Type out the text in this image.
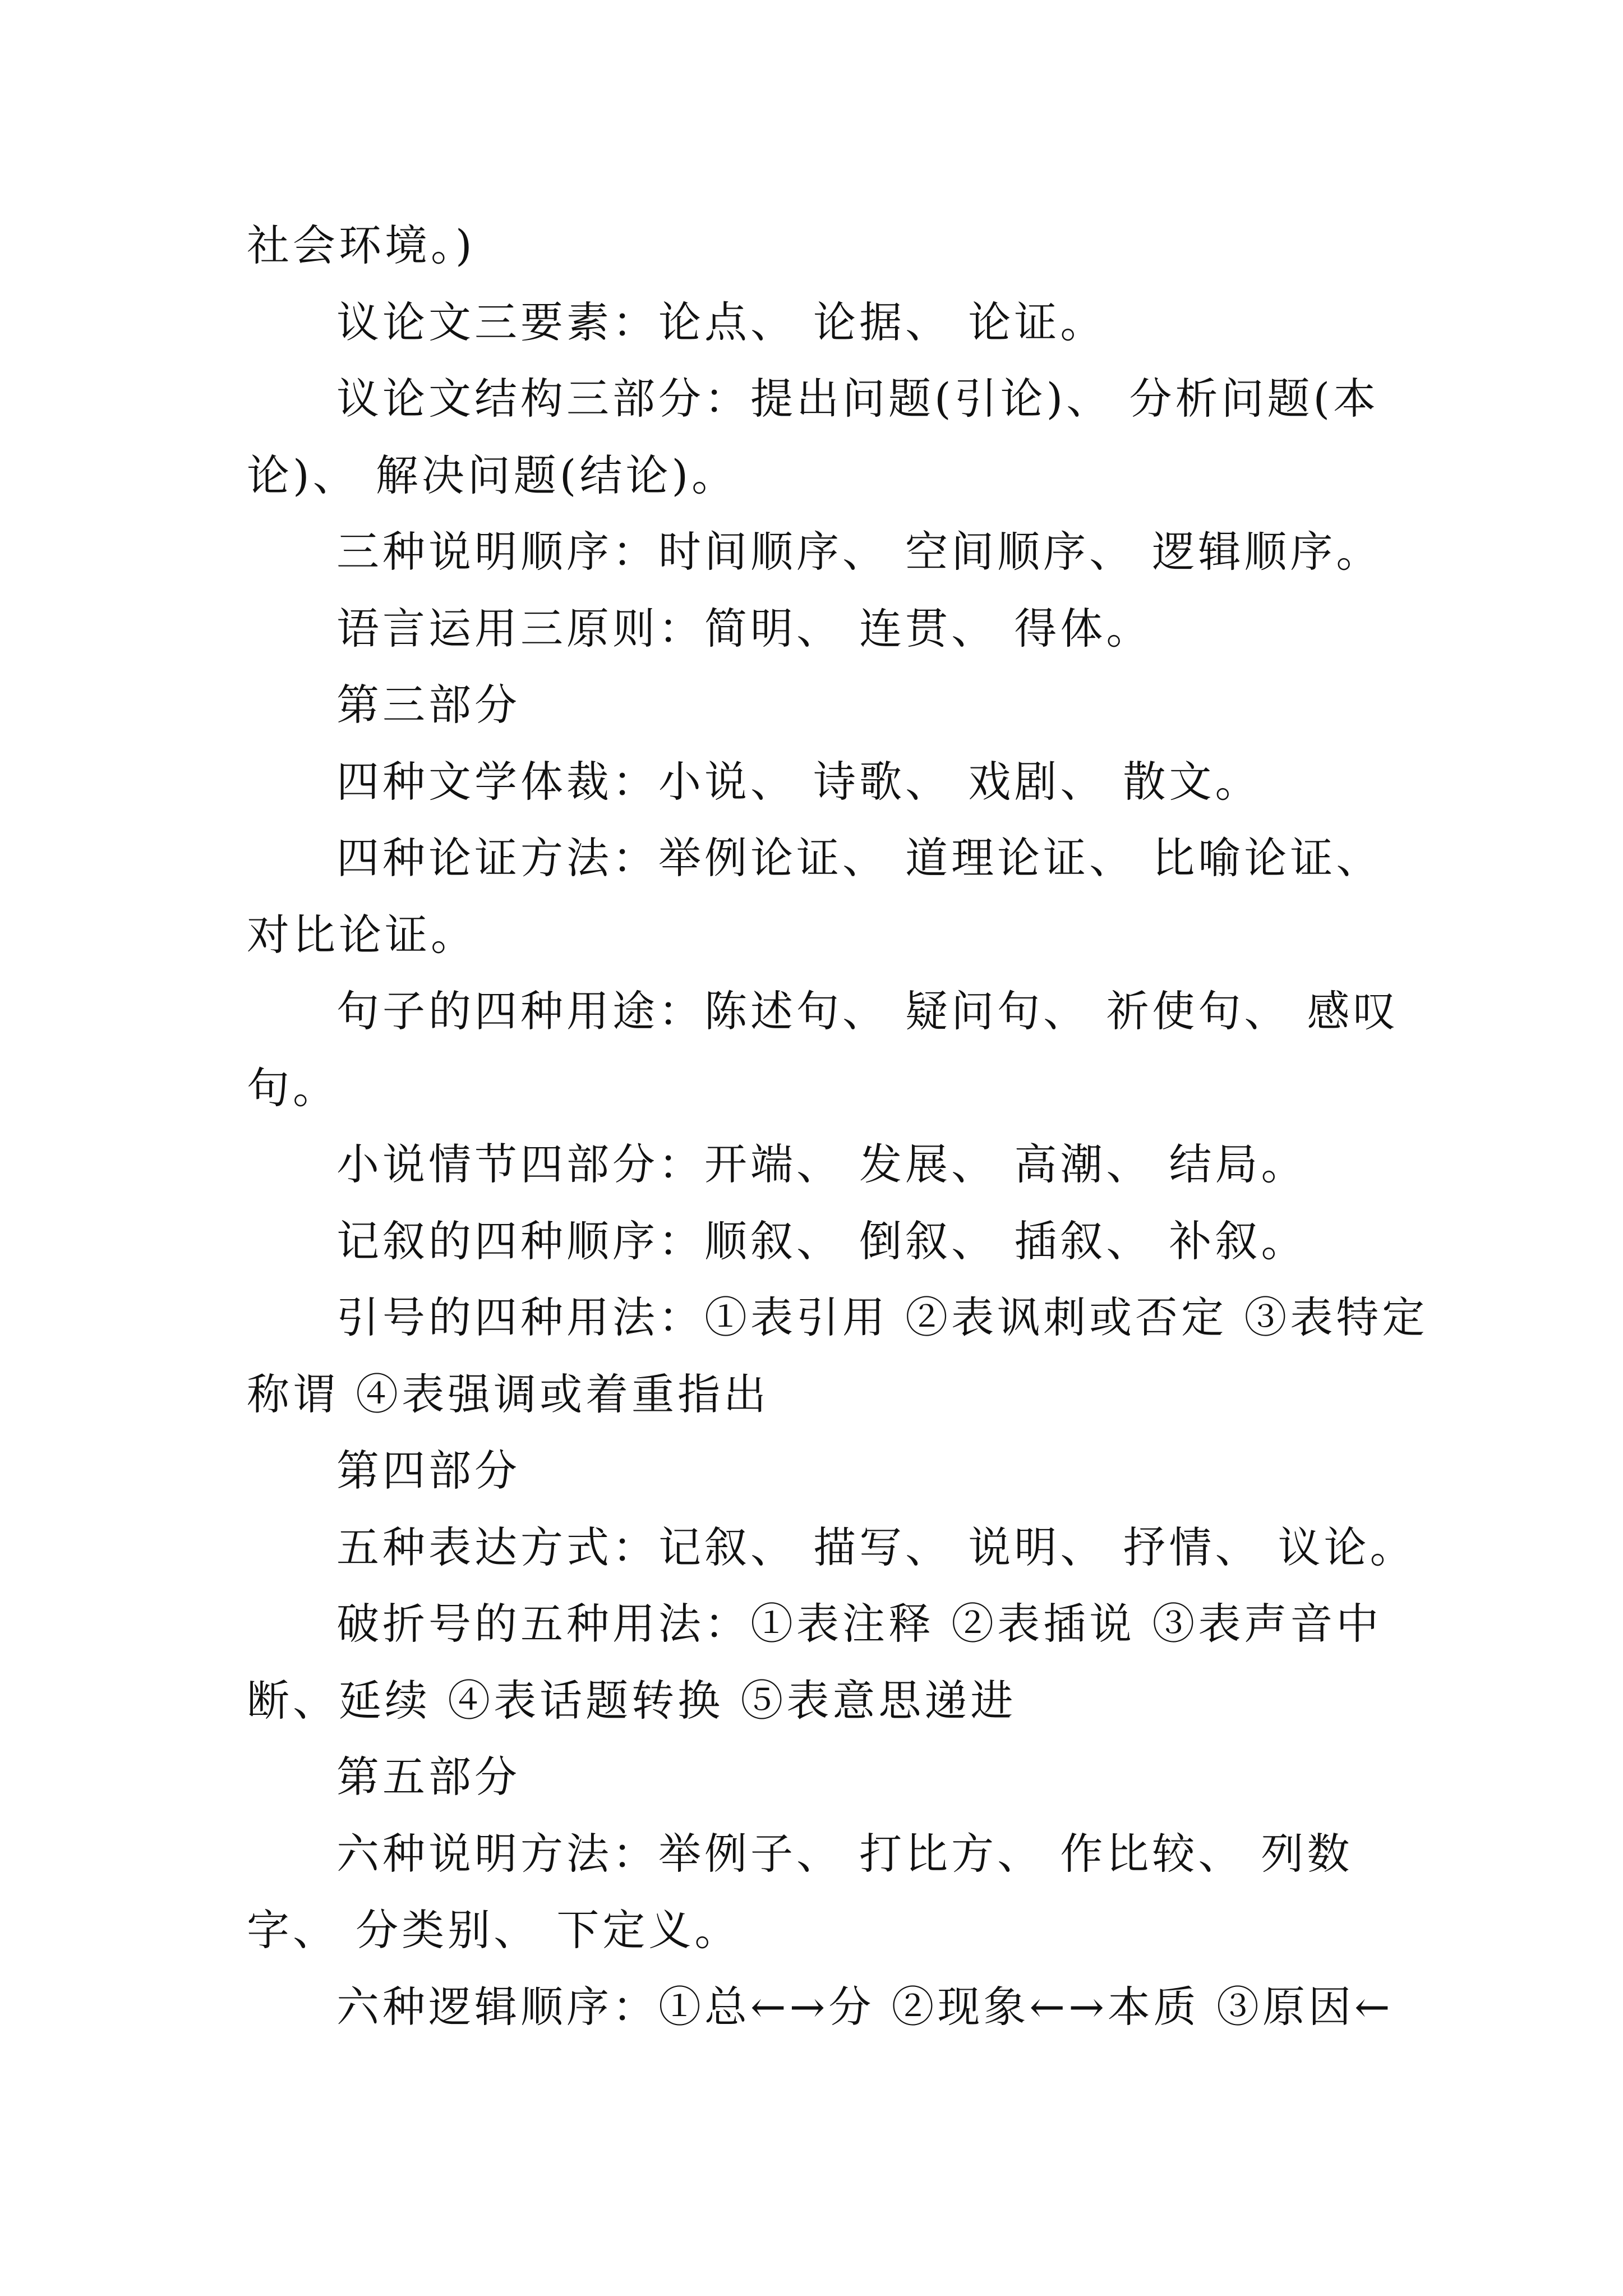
社会环境。)

议论文三要素：论点、 论据、 论证。

议论文结构三部分：提出问题(引论)、 分析问题(本论)、 解决问题(结论)。

三种说明顺序：时间顺序、 空间顺序、 逻辑顺序。

语言运用三原则：简明、 连贯、 得体。

第三部分

四种文学体裁：小说、 诗歌、 戏剧、 散文。

四种论证方法：举例论证、 道理论证、 比喻论证、 对比论证。

句子的四种用途：陈述句、 疑问句、 祈使句、 感叹句。

小说情节四部分：开端、 发展、 高潮、 结局。

记叙的四种顺序：顺叙、 倒叙、 插叙、 补叙。

引号的四种用法：①表引用 ②表讽刺或否定 ③表特定称谓 ④表强调或着重指出

第四部分

五种表达方式：记叙、 描写、 说明、 抒情、 议论。

破折号的五种用法：①表注释 ②表插说 ③表声音中断、延续 ④表话题转换 ⑤表意思递进

第五部分

六种说明方法：举例子、 打比方、 作比较、 列数字、 分类别、 下定义。

六种逻辑顺序：①总←→分 ②现象←→本质 ③原因←
